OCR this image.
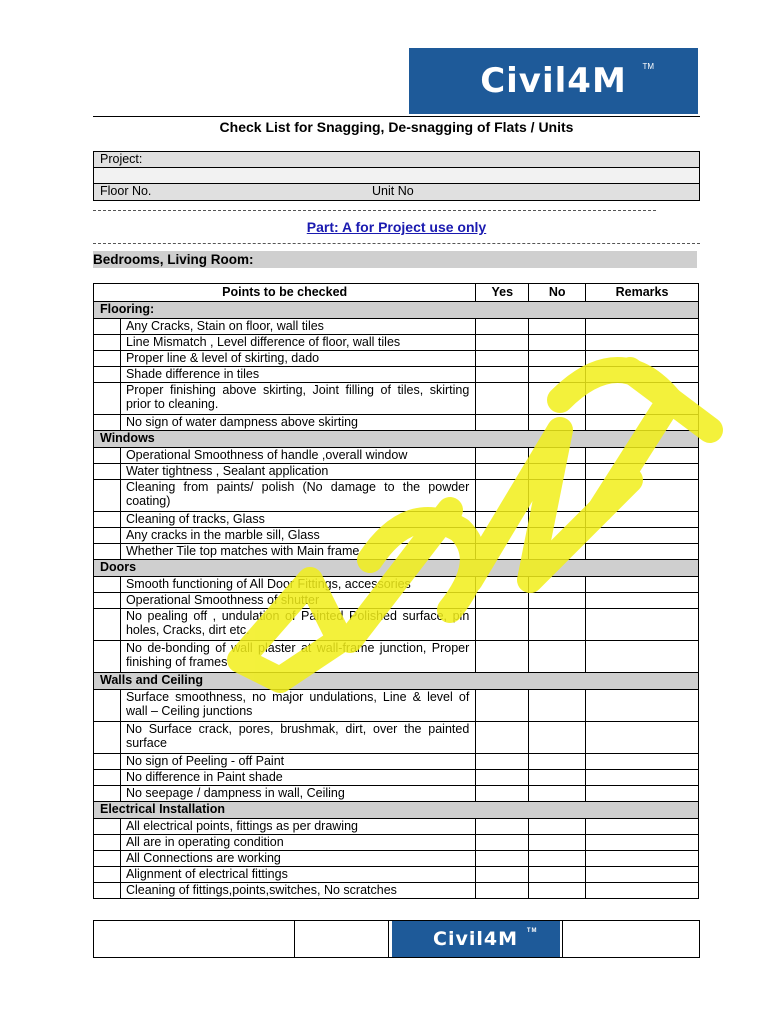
Civil4M TM
Check List for Snagging, De-snagging of Flats / Units
Project:
Floor No.	Unit No
Part: A for Project use only
Bedrooms, Living Room:
Points to be checked		Yes	No	Remarks
Flooring:				
	Any Cracks, Stain on floor, wall tiles			
	Line Mismatch , Level difference of floor, wall tiles			
	Proper line & level of skirting, dado			
	Shade difference in tiles			
	Proper finishing above skirting, Joint filling of tiles, skirting prior to cleaning.			
	No sign of water dampness above skirting			
Windows				
	Operational Smoothness of handle ,overall window			
	Water tightness , Sealant application			
	Cleaning from paints/ polish (No damage to the powder coating)			
	Cleaning of tracks, Glass			
	Any cracks in the marble sill, Glass			
	Whether Tile top matches with Main frame			
Doors				
	Smooth functioning of All Door Fittings, accessories			
	Operational Smoothness of shutter			
	No pealing off , undulation of Painted Polished surface, pin holes, Cracks, dirt etc.			
	No de-bonding of wall plaster at wall-frame junction, Proper finishing of frames			
Walls and Ceiling				
	Surface smoothness, no major undulations, Line & level of wall – Ceiling junctions			
	No Surface crack, pores, brushmak, dirt, over the painted surface			
	No sign of Peeling - off Paint			
	No difference in Paint shade			
	No seepage / dampness in wall, Ceiling			
Electrical Installation				
	All electrical points, fittings as per drawing			
	All are in operating condition			
	All Connections are working			
	Alignment of electrical fittings			
	Cleaning of fittings,points,switches, No scratches			
Civil4M TM
